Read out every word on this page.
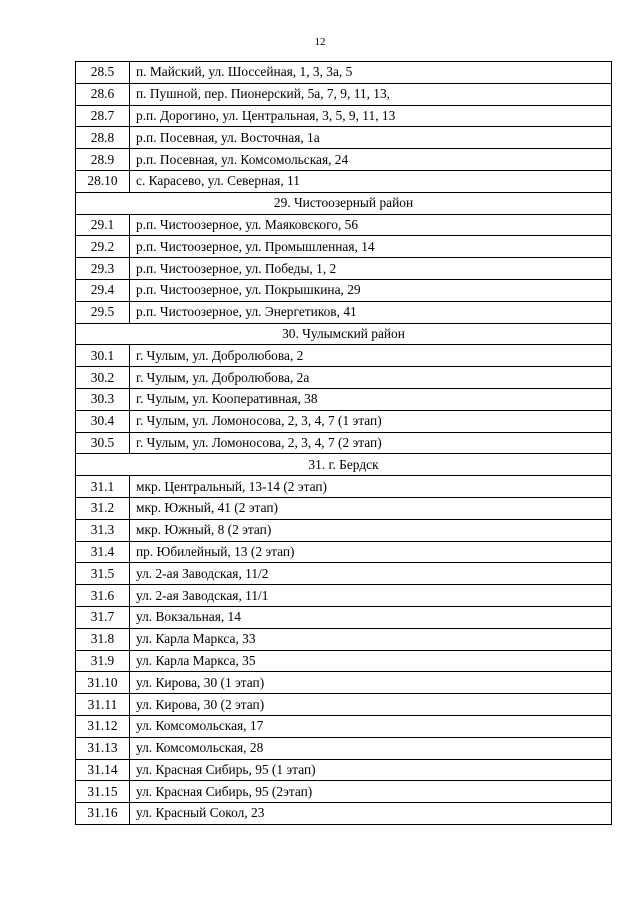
12
28.5	п. Майский, ул. Шоссейная, 1, 3, 3а, 5
28.6	п. Пушной, пер. Пионерский, 5а, 7, 9, 11, 13,
28.7	р.п. Дорогино, ул. Центральная, 3, 5, 9, 11, 13
28.8	р.п. Посевная, ул. Восточная, 1а
28.9	р.п. Посевная, ул. Комсомольская, 24
28.10	с. Карасево, ул. Северная, 11
29. Чистоозерный район	
29.1	р.п. Чистоозерное, ул. Маяковского, 56
29.2	р.п. Чистоозерное, ул. Промышленная, 14
29.3	р.п. Чистоозерное, ул. Победы, 1, 2
29.4	р.п. Чистоозерное, ул. Покрышкина, 29
29.5	р.п. Чистоозерное, ул. Энергетиков, 41
30. Чулымский район	
30.1	г. Чулым, ул. Добролюбова, 2
30.2	г. Чулым, ул. Добролюбова, 2а
30.3	г. Чулым, ул. Кооперативная, 38
30.4	г. Чулым, ул. Ломоносова, 2, 3, 4, 7 (1 этап)
30.5	г. Чулым, ул. Ломоносова, 2, 3, 4, 7 (2 этап)
31. г. Бердск	
31.1	мкр. Центральный, 13-14 (2 этап)
31.2	мкр. Южный, 41 (2 этап)
31.3	мкр. Южный, 8 (2 этап)
31.4	пр. Юбилейный, 13 (2 этап)
31.5	ул. 2-ая Заводская, 11/2
31.6	ул. 2-ая Заводская, 11/1
31.7	ул. Вокзальная, 14
31.8	ул. Карла Маркса, 33
31.9	ул. Карла Маркса, 35
31.10	ул. Кирова, 30 (1 этап)
31.11	ул. Кирова, 30 (2 этап)
31.12	ул. Комсомольская, 17
31.13	ул. Комсомольская, 28
31.14	ул. Красная Сибирь, 95 (1 этап)
31.15	ул. Красная Сибирь, 95 (2этап)
31.16	ул. Красный Сокол, 23
